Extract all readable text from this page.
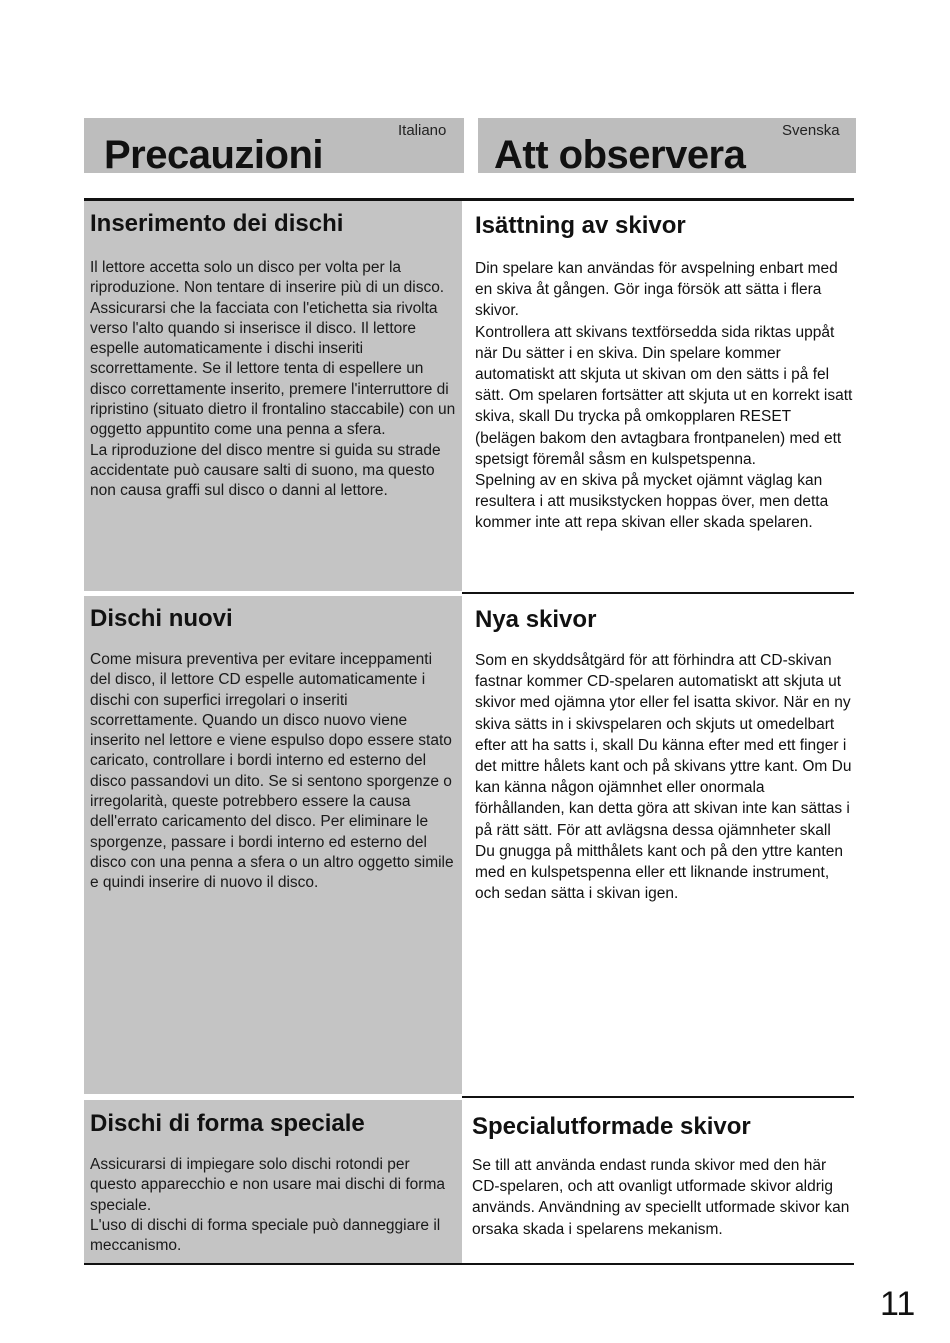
Precauzioni
Italiano
Att observera
Svenska
Inserimento dei dischi

Il lettore accetta solo un disco per volta per la riproduzione. Non tentare di inserire più di un disco.

Assicurarsi che la facciata con l'etichetta sia rivolta verso l'alto quando si inserisce il disco. Il lettore espelle automaticamente i dischi inseriti scorrettamente. Se il lettore tenta di espellere un disco correttamente inserito, premere l'interruttore di ripristino (situato dietro il frontalino staccabile) con un oggetto appuntito come una penna a sfera.

La riproduzione del disco mentre si guida su strade accidentate può causare salti di suono, ma questo non causa graffi sul disco o danni al lettore.

Dischi nuovi

Come misura preventiva per evitare inceppamenti del disco, il lettore CD espelle automaticamente i dischi con superfici irregolari o inseriti scorrettamente. Quando un disco nuovo viene inserito nel lettore e viene espulso dopo essere stato caricato, controllare i bordi interno ed esterno del disco passandovi un dito. Se si sentono sporgenze o irregolarità, queste potrebbero essere la causa dell'errato caricamento del disco. Per eliminare le sporgenze, passare i bordi interno ed esterno del disco con una penna a sfera o un altro oggetto simile e quindi inserire di nuovo il disco.

Dischi di forma speciale

Assicurarsi di impiegare solo dischi rotondi per questo apparecchio e non usare mai dischi di forma speciale.

L'uso di dischi di forma speciale può danneggiare il meccanismo.

Isättning av skivor

Din spelare kan användas för avspelning enbart med en skiva åt gången. Gör inga försök att sätta i flera skivor.

Kontrollera att skivans textförsedda sida riktas uppåt när Du sätter i en skiva. Din spelare kommer automatiskt att skjuta ut skivan om den sätts i på fel sätt. Om spelaren fortsätter att skjuta ut en korrekt isatt skiva, skall Du trycka på omkopplaren RESET (belägen bakom den avtagbara frontpanelen) med ett spetsigt föremål såsm en kulspetspenna.

Spelning av en skiva på mycket ojämnt väglag kan resultera i att musikstycken hoppas över, men detta kommer inte att repa skivan eller skada spelaren.

Nya skivor

Som en skyddsåtgärd för att förhindra att CD-skivan fastnar kommer CD-spelaren automatiskt att skjuta ut skivor med ojämna ytor eller fel isatta skivor. När en ny skiva sätts in i skivspelaren och skjuts ut omedelbart efter att ha satts i, skall Du känna efter med ett finger i det mittre hålets kant och på skivans yttre kant. Om Du kan känna någon ojämnhet eller onormala förhållanden, kan detta göra att skivan inte kan sättas i på rätt sätt. För att avlägsna dessa ojämnheter skall Du gnugga på mitthålets kant och på den yttre kanten med en kulspetspenna eller ett liknande instrument, och sedan sätta i skivan igen.

Specialutformade skivor

Se till att använda endast runda skivor med den här CD-spelaren, och att ovanligt utformade skivor aldrig används. Användning av speciellt utformade skivor kan orsaka skada i spelarens mekanism.

11
